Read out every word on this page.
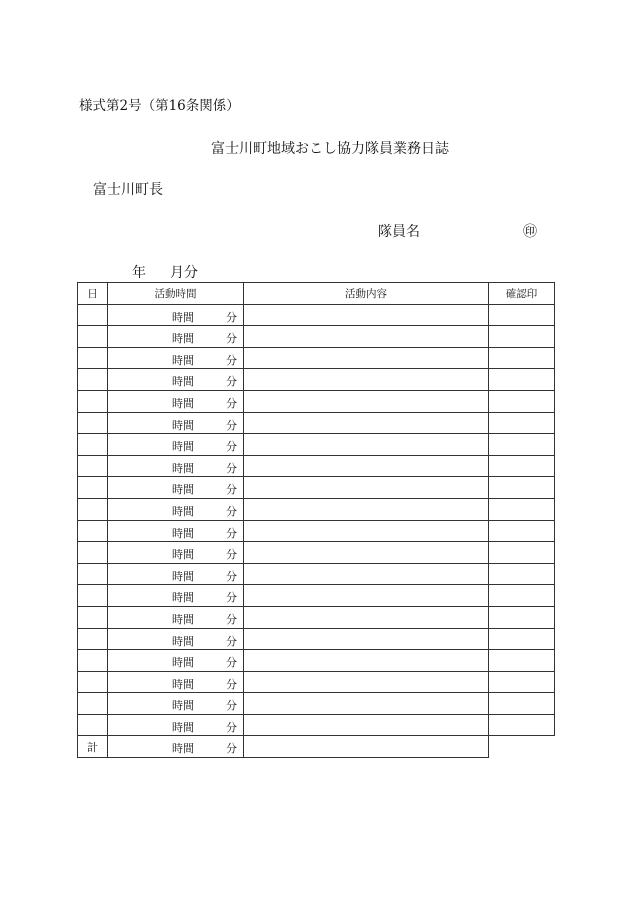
様式第2号（第16条関係）
富士川町地域おこし協力隊員業務日誌
富士川町長
隊員名	㊞
年 月分
日	活動時間	活動内容	確認印

	時間 分		

	時間 分		

	時間 分		

	時間 分		

	時間 分		

	時間 分		

	時間 分		

	時間 分		

	時間 分		

	時間 分		

	時間 分		

	時間 分		

	時間 分		

	時間 分		

	時間 分		

	時間 分		

	時間 分		

	時間 分		

	時間 分		

	時間 分		

計	時間 分		
